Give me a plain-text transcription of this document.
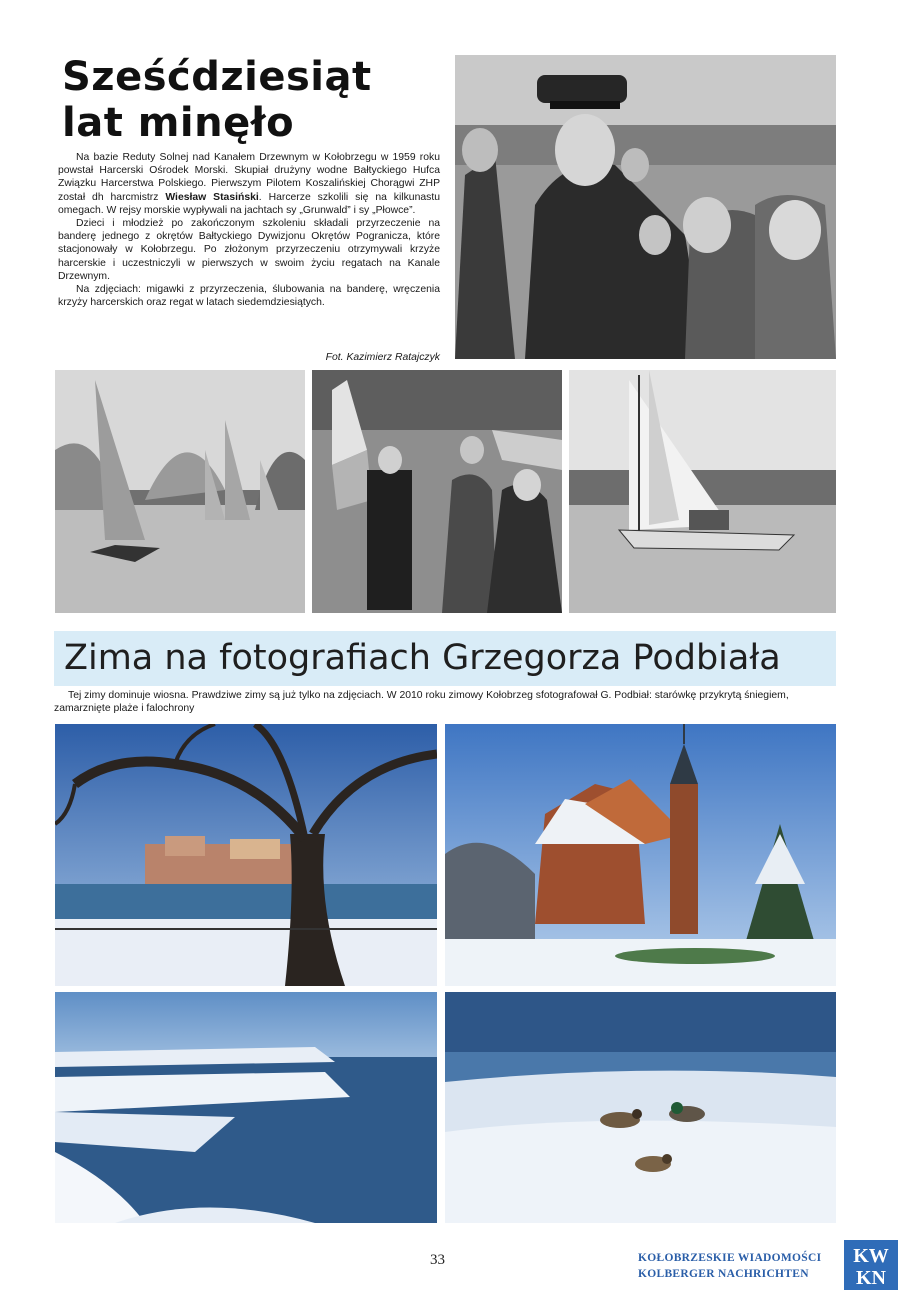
Sześćdziesiąt lat minęło

Na bazie Reduty Solnej nad Kanałem Drzewnym w Kołobrzegu w 1959 roku powstał Harcerski Ośrodek Morski. Skupiał drużyny wodne Bałtyckiego Hufca Związku Harcerstwa Polskiego. Pierwszym Pilotem Koszalińskiej Chorągwi ZHP został dh harcmistrz Wiesław Stasiński. Harcerze szkolili się na kilkunastu omegach. W rejsy morskie wypływali na jachtach sy „Grunwald” i sy „Płowce”.

Dzieci i młodzież po zakończonym szkoleniu składali przyrzeczenie na banderę jednego z okrętów Bałtyckiego Dywizjonu Okrętów Pogranicza, które stacjonowały w Kołobrzegu. Po złożonym przyrzeczeniu otrzymywali krzyże harcerskie i uczestniczyli w pierwszych w swoim życiu regatach na Kanale Drzewnym.

Na zdjęciach: migawki z przyrzeczenia, ślubowania na banderę, wręczenia krzyży harcerskich oraz regat w latach siedemdziesiątych.

Fot. Kazimierz Ratajczyk
Zima na fotografiach Grzegorza Podbiała
Tej zimy dominuje wiosna. Prawdziwe zimy są już tylko na zdjęciach. W 2010 roku zimowy Kołobrzeg sfotografował G. Podbiał: starówkę przykrytą śniegiem, zamarznięte plaże i falochrony
33	KOŁOBRZESKIE WIADOMOŚCI
KOLBERGER NACHRICHTEN
KW
KN
